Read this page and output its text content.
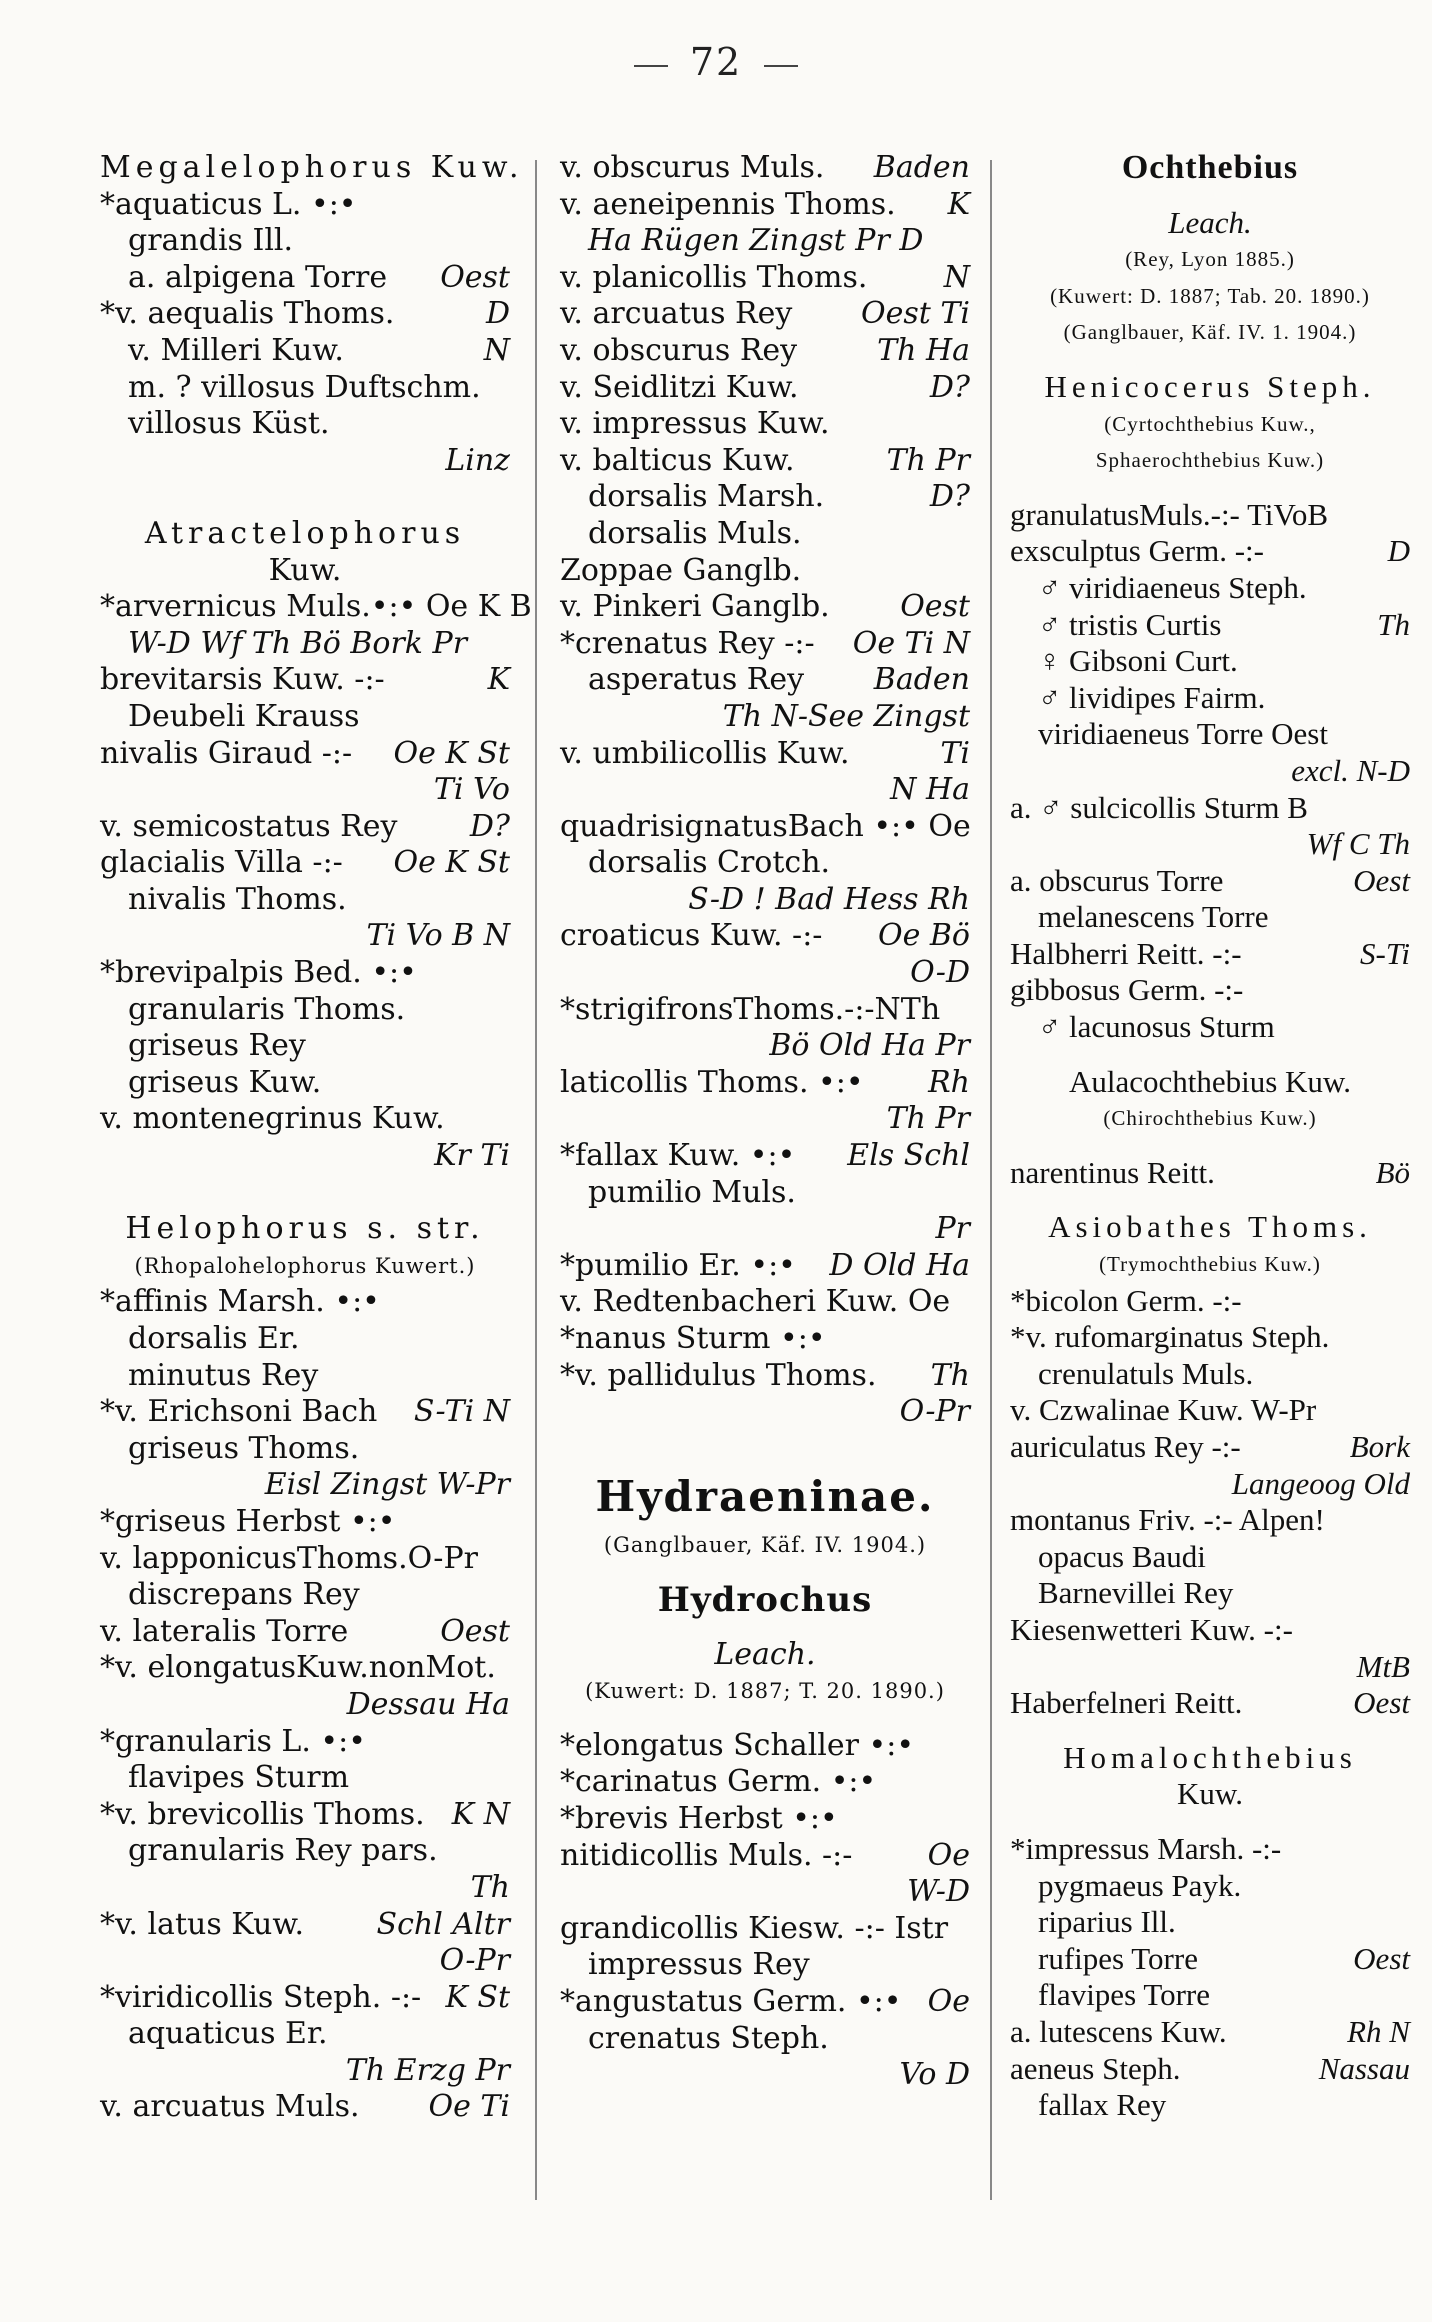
72
Megalelophorus Kuw.
*aquaticus L. •:•
grandis Ill.
a. alpigena Torre Oest
*v. aequalis Thoms.	D
v. Milleri Kuw.	N
m. ? villosus Duftschm.
villosus Küst.
Linz
Atractelophorus
Kuw.
*arvernicus Muls.•:• Oe K B
W-D Wf Th Bö Bork Pr
brevitarsis Kuw. -:-	K
Deubeli Krauss
nivalis Giraud -:- Oe K St
Ti Vo
v. semicostatus Rey D?
glacialis Villa -:- Oe K St
nivalis Thoms.
Ti Vo B N
*brevipalpis Bed. •:•
granularis Thoms.
griseus Rey
griseus Kuw.
v. montenegrinus Kuw.
Kr Ti
Helophorus s. str.
(Rhopalohelophorus Kuwert.)
*affinis Marsh. •:•
dorsalis Er.
minutus Rey
*v. Erichsoni Bach S-Ti N
griseus Thoms.
Eisl Zingst W-Pr
*griseus Herbst •:•
v. lapponicusThoms.O-Pr
discrepans Rey
v. lateralis Torre	Oest
*v. elongatusKuw.nonMot.
Dessau Ha
*granularis L. •:•
flavipes Sturm
*v. brevicollis Thoms. K N
granularis Rey pars.
Th
*v. latus Kuw. Schl Altr
O-Pr
*viridicollis Steph. -:- K St
aquaticus Er.
Th Erzg Pr
v. arcuatus Muls. Oe Ti
v. obscurus Muls. Baden
v. aeneipennis Thoms. K
Ha Rügen Zingst Pr D
v. planicollis Thoms.	N
v. arcuatus Rey Oest Ti
v. obscurus Rey	Th Ha
v. Seidlitzi Kuw.	D?
v. impressus Kuw.
v. balticus Kuw.	Th Pr
dorsalis Marsh.	D?
dorsalis Muls.
Zoppae Ganglb.
v. Pinkeri Ganglb. Oest
*crenatus Rey -:- Oe Ti N
asperatus Rey Baden
Th N-See Zingst
v. umbilicollis Kuw.	Ti
N Ha
quadrisignatusBach •:• Oe
dorsalis Crotch.
S-D ! Bad Hess Rh
croaticus Kuw. -:- Oe Bö
O-D
*strigifronsThoms.-:-NTh
Bö Old Ha Pr
laticollis Thoms. •:• Rh
Th Pr
*fallax Kuw. •:• Els Schl
pumilio Muls.
Pr
*pumilio Er. •:• D Old Ha
v. Redtenbacheri Kuw. Oe
*nanus Sturm •:•
*v. pallidulus Thoms. Th
O-Pr
Hydraeninae.
(Ganglbauer, Käf. IV. 1904.)
Hydrochus
Leach.
(Kuwert: D. 1887; T. 20. 1890.)
*elongatus Schaller •:•
*carinatus Germ. •:•
*brevis Herbst •:•
nitidicollis Muls. -:-	Oe
W-D
grandicollis Kiesw. -:- Istr
impressus Rey
*angustatus Germ. •:• Oe
crenatus Steph.
Vo D
Ochthebius
Leach.
(Rey, Lyon 1885.)
(Kuwert: D. 1887; Tab. 20. 1890.)
(Ganglbauer, Käf. IV. 1. 1904.)
Henicocerus Steph.
(Cyrtochthebius Kuw.,
Sphaerochthebius Kuw.)
granulatusMuls.-:- TiVoB
exsculptus Germ. -:-	D
♂ viridiaeneus Steph.
♂ tristis Curtis	Th
♀ Gibsoni Curt.
♂ lividipes Fairm.
viridiaeneus Torre Oest
excl. N-D
a. ♂ sulcicollis Sturm B
Wf C Th
a. obscurus Torre	Oest
melanescens Torre
Halbherri Reitt. -:-	S-Ti
gibbosus Germ. -:-
♂ lacunosus Sturm
Aulacochthebius Kuw.
(Chirochthebius Kuw.)
narentinus Reitt.	Bö
Asiobathes Thoms.
(Trymochthebius Kuw.)
*bicolon Germ. -:-
*v. rufomarginatus Steph.
crenulatuls Muls.
v. Czwalinae Kuw. W-Pr
auriculatus Rey -:-	Bork
Langeoog Old
montanus Friv. -:- Alpen!
opacus Baudi
Barnevillei Rey
Kiesenwetteri Kuw. -:-
MtB
Haberfelneri Reitt.	Oest
Homalochthebius
Kuw.
*impressus Marsh. -:-
pygmaeus Payk.
riparius Ill.
rufipes Torre	Oest
flavipes Torre
a. lutescens Kuw.	Rh N
aeneus Steph.	Nassau
fallax Rey
